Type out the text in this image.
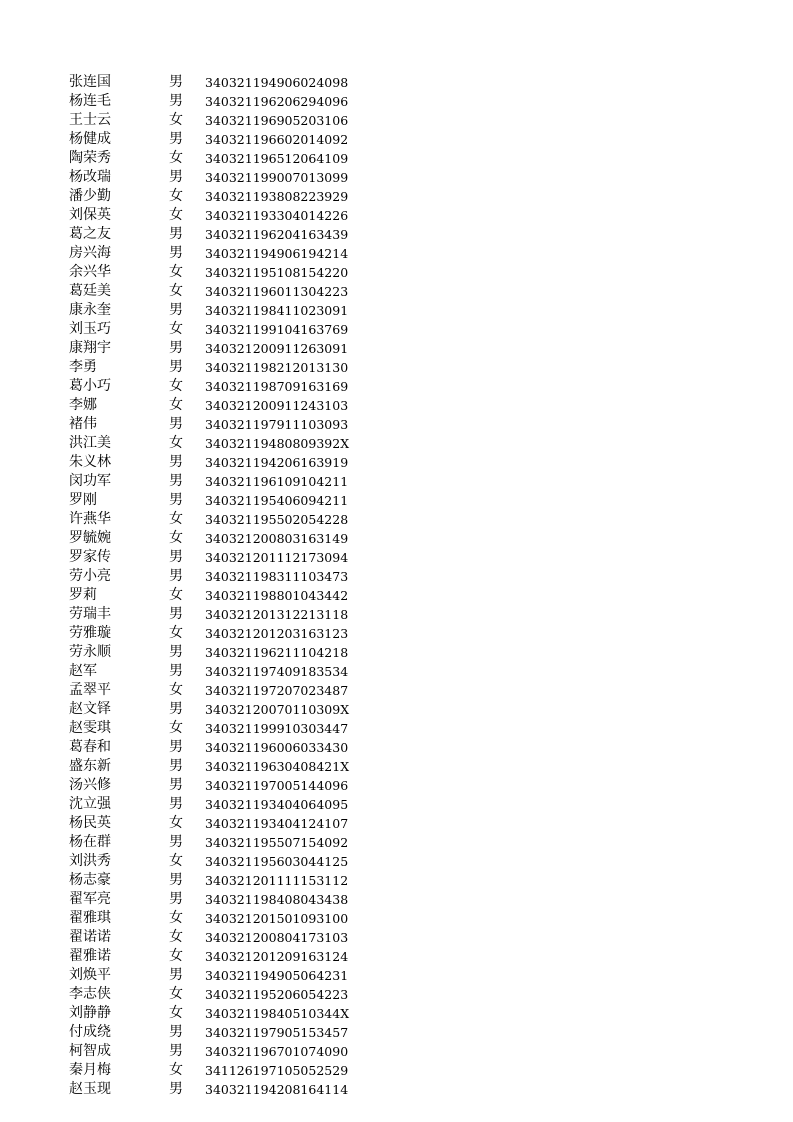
张连国	男 340321194906024098
杨连毛	男 340321196206294096
王士云	女 340321196905203106
杨健成	男 340321196602014092
陶荣秀	女 340321196512064109
杨改瑞	男 340321199007013099
潘少勤	女 340321193808223929
刘保英	女 340321193304014226
葛之友	男 340321196204163439
房兴海	男 340321194906194214
余兴华	女 340321195108154220
葛廷美	女 340321196011304223
康永奎	男 340321198411023091
刘玉巧	女 340321199104163769
康翔宇	男 340321200911263091
李勇	男 340321198212013130
葛小巧	女 340321198709163169
李娜	女 340321200911243103
褚伟	男 340321197911103093
洪江美	女 34032119480809392X
朱义林	男 340321194206163919
闵功军	男 340321196109104211
罗刚	男 340321195406094211
许燕华	女 340321195502054228
罗毓婉	女 340321200803163149
罗家传	男 340321201112173094
劳小亮	男 340321198311103473
罗莉	女 340321198801043442
劳瑞丰	男 340321201312213118
劳雅璇	女 340321201203163123
劳永顺	男 340321196211104218
赵军	男 340321197409183534
孟翠平	女 340321197207023487
赵文铎	男 34032120070110309X
赵雯琪	女 340321199910303447
葛春和	男 340321196006033430
盛东新	男 34032119630408421X
汤兴修	男 340321197005144096
沈立强	男 340321193404064095
杨民英	女 340321193404124107
杨在群	男 340321195507154092
刘洪秀	女 340321195603044125
杨志豪	男 340321201111153112
翟军亮	男 340321198408043438
翟雅琪	女 340321201501093100
翟诺诺	女 340321200804173103
翟雅诺	女 340321201209163124
刘焕平	男 340321194905064231
李志侠	女 340321195206054223
刘静静	女 34032119840510344X
付成绕	男 340321197905153457
柯智成	男 340321196701074090
秦月梅	女 341126197105052529
赵玉现	男 340321194208164114
